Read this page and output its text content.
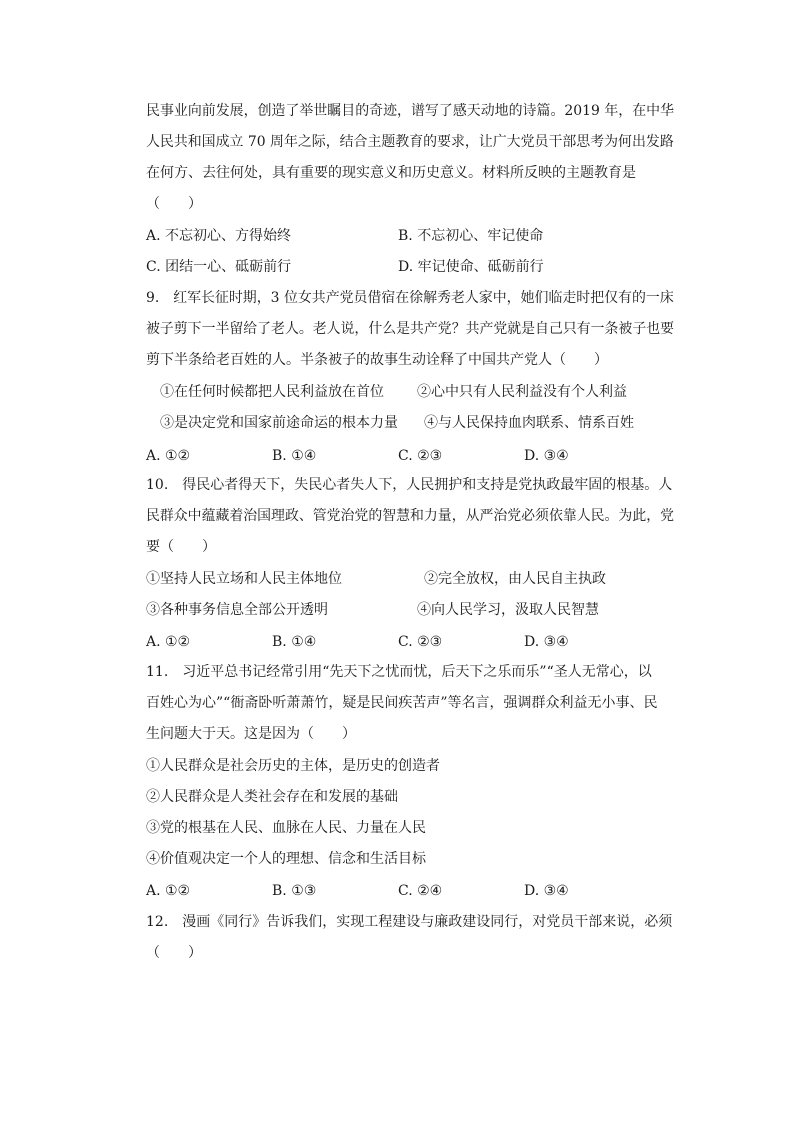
民事业向前发展，创造了举世瞩目的奇迹，谱写了感天动地的诗篇。2019 年，在中华
人民共和国成立 70 周年之际，结合主题教育的要求，让广大党员干部思考为何出发路
在何方、去往何处，具有重要的现实意义和历史意义。材料所反映的主题教育是
（　　）
A. 不忘初心、方得始终	B. 不忘初心、牢记使命
C. 团结一心、砥砺前行	D. 牢记使命、砥砺前行
9.　红军长征时期，3 位女共产党员借宿在徐解秀老人家中，她们临走时把仅有的一床
被子剪下一半留给了老人。老人说，什么是共产党？共产党就是自己只有一条被子也要
剪下半条给老百姓的人。半条被子的故事生动诠释了中国共产党人（　　）
①在任何时候都把人民利益放在首位 ②心中只有人民利益没有个人利益
③是决定党和国家前途命运的根本力量 ④与人民保持血肉联系、情系百姓
A. ①②	B. ①④	C. ②③	D. ③④
10.　得民心者得天下，失民心者失人下，人民拥护和支持是党执政最牢固的根基。人
民群众中蕴藏着治国理政、管党治党的智慧和力量，从严治党必须依靠人民。为此，党
要（　　）
①坚持人民立场和人民主体地位	②完全放权，由人民自主执政
③各种事务信息全部公开透明	④向人民学习，汲取人民智慧
A. ①②	B. ①④	C. ②③	D. ③④
11.　习近平总书记经常引用“先天下之忧而忧，后天下之乐而乐”“圣人无常心，以
百姓心为心”“衙斋卧听萧萧竹，疑是民间疾苦声”等名言，强调群众利益无小事、民
生问题大于天。这是因为（　　）
①人民群众是社会历史的主体，是历史的创造者
②人民群众是人类社会存在和发展的基础
③党的根基在人民、血脉在人民、力量在人民
④价值观决定一个人的理想、信念和生活目标
A. ①②	B. ①③	C. ②④	D. ③④
12.　漫画《同行》告诉我们，实现工程建设与廉政建设同行，对党员干部来说，必须
（　　）
